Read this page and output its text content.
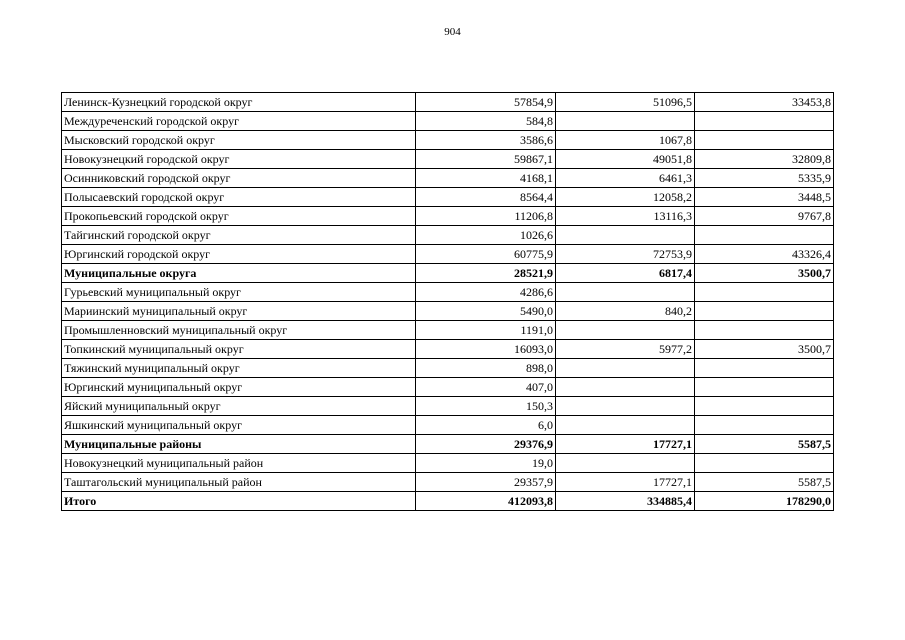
904
Ленинск-Кузнецкий городской округ	57854,9	51096,5	33453,8
Междуреченский городской округ	584,8		
Мысковский городской округ	3586,6	1067,8	
Новокузнецкий городской округ	59867,1	49051,8	32809,8
Осинниковский городской округ	4168,1	6461,3	5335,9
Полысаевский городской округ	8564,4	12058,2	3448,5
Прокопьевский городской округ	11206,8	13116,3	9767,8
Тайгинский городской округ	1026,6		
Юргинский городской округ	60775,9	72753,9	43326,4
Муниципальные округа	28521,9	6817,4	3500,7
Гурьевский муниципальный округ	4286,6		
Мариинский муниципальный округ	5490,0	840,2	
Промышленновский муниципальный округ	1191,0		
Топкинский муниципальный округ	16093,0	5977,2	3500,7
Тяжинский муниципальный округ	898,0		
Юргинский муниципальный округ	407,0		
Яйский муниципальный округ	150,3		
Яшкинский муниципальный округ	6,0		
Муниципальные районы	29376,9	17727,1	5587,5
Новокузнецкий муниципальный район	19,0		
Таштагольский муниципальный район	29357,9	17727,1	5587,5
Итого	412093,8	334885,4	178290,0
